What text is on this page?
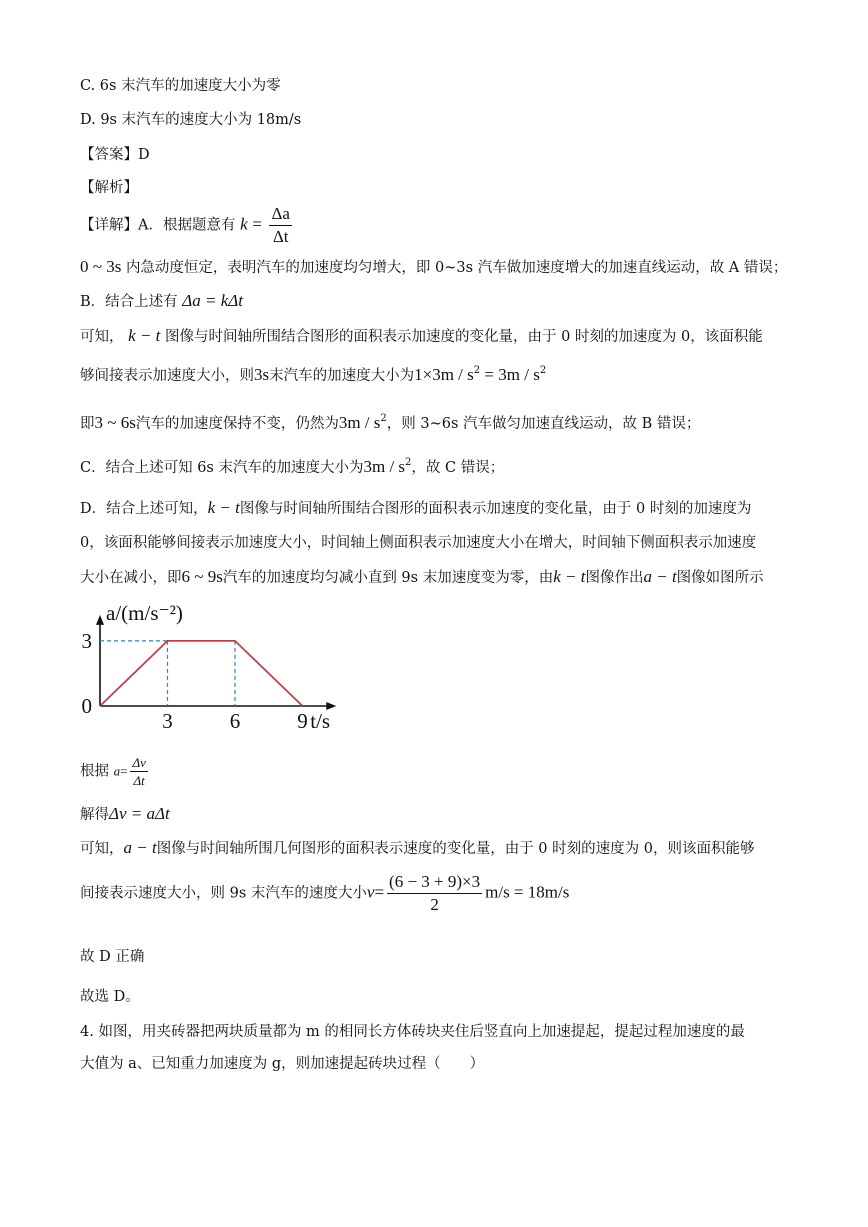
C. 6s 末汽车的加速度大小为零
D. 9s 末汽车的速度大小为 18m/s
【答案】D
【解析】
【详解】A．根据题意有 $k = \frac{\Delta a}{\Delta t}$
0 ~ 3s 内急动度恒定，表明汽车的加速度均匀增大，即 0~3s 汽车做加速度增大的加速直线运动，故 A 错误；
B．结合上述有 Δa = kΔt
可知， k − t 图像与时间轴所围结合图形的面积表示加速度的变化量，由于 0 时刻的加速度为 0，该面积能
够间接表示加速度大小，则3s末汽车的加速度大小为$1\times 3m / s^2 = 3m / s^2$
即3 ~ 6s汽车的加速度保持不变，仍然为$3m / s^2$，则 3~6s 汽车做匀加速直线运动，故 B 错误；
C．结合上述可知 6s 末汽车的加速度大小为$3m / s^2$，故 C 错误；
D．结合上述可知，k − t图像与时间轴所围结合图形的面积表示加速度的变化量，由于 0 时刻的加速度为
0，该面积能够间接表示加速度大小，时间轴上侧面积表示加速度大小在增大，时间轴下侧面积表示加速度
大小在减小，即6 ~ 9s汽车的加速度均匀减小直到 9s 末加速度变为零，由k − t图像作出a − t图像如图所示
3	6	9
3
0
a/(m/s⁻²)
t/s
根据 $a= \frac{\Delta v}{\Delta t}$
解得Δv = aΔt
可知，a − t图像与时间轴所围几何图形的面积表示速度的变化量，由于 0 时刻的速度为 0，则该面积能够
间接表示速度大小，则 9s 末汽车的速度大小$v= \frac{(6 - 3 + 9)\times 3}{2} m/s = 18m/s$
故 D 正确
故选 D。
4. 如图，用夹砖器把两块质量都为 m 的相同长方体砖块夹住后竖直向上加速提起，提起过程加速度的最
大值为 a、已知重力加速度为 g，则加速提起砖块过程（　　）
